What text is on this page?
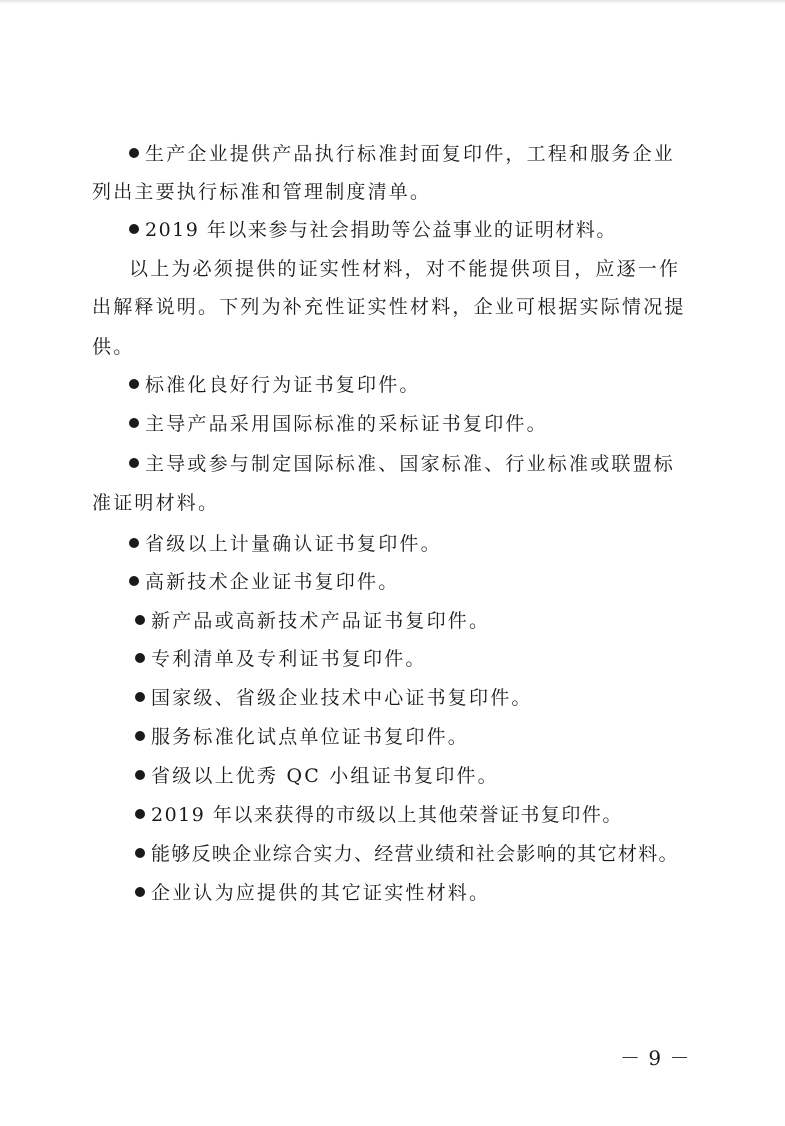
生产企业提供产品执行标准封面复印件，工程和服务企业
列出主要执行标准和管理制度清单。
2019 年以来参与社会捐助等公益事业的证明材料。
以上为必须提供的证实性材料，对不能提供项目，应逐一作
出解释说明。下列为补充性证实性材料，企业可根据实际情况提
供。
标准化良好行为证书复印件。
主导产品采用国际标准的采标证书复印件。
主导或参与制定国际标准、国家标准、行业标准或联盟标
准证明材料。
省级以上计量确认证书复印件。
高新技术企业证书复印件。
新产品或高新技术产品证书复印件。
专利清单及专利证书复印件。
国家级、省级企业技术中心证书复印件。
服务标准化试点单位证书复印件。
省级以上优秀 QC 小组证书复印件。
2019 年以来获得的市级以上其他荣誉证书复印件。
能够反映企业综合实力、经营业绩和社会影响的其它材料。
企业认为应提供的其它证实性材料。
－ 9 －
